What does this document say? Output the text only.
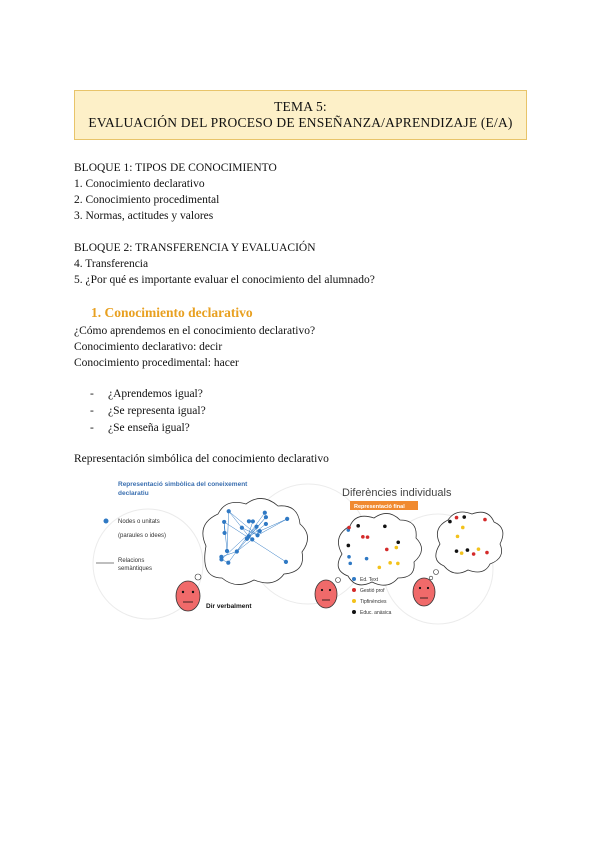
TEMA 5:
EVALUACIÓN DEL PROCESO DE ENSEÑANZA/APRENDIZAJE (E/A)
BLOQUE 1: TIPOS DE CONOCIMIENTO
1. Conocimiento declarativo
2. Conocimiento procedimental
3. Normas, actitudes y valores
BLOQUE 2: TRANSFERENCIA Y EVALUACIÓN
4. Transferencia
5. ¿Por qué es importante evaluar el conocimiento del alumnado?
1. Conocimiento declarativo
¿Cómo aprendemos en el conocimiento declarativo?
Conocimiento declarativo: decir
Conocimiento procedimental: hacer
-	¿Aprendemos igual?
-	¿Se representa igual?
-	¿Se enseña igual?
Representación simbólica del conocimiento declarativo
Representació simbòlica del coneixement
declaratiu
Nodes o unitats
(paraules o idees)
Relacions
semàntiques
Dir verbalment
Diferències individuals
Representació final
Ed. Text
Gestió prof
Tipfinències
Educ. anàsica
